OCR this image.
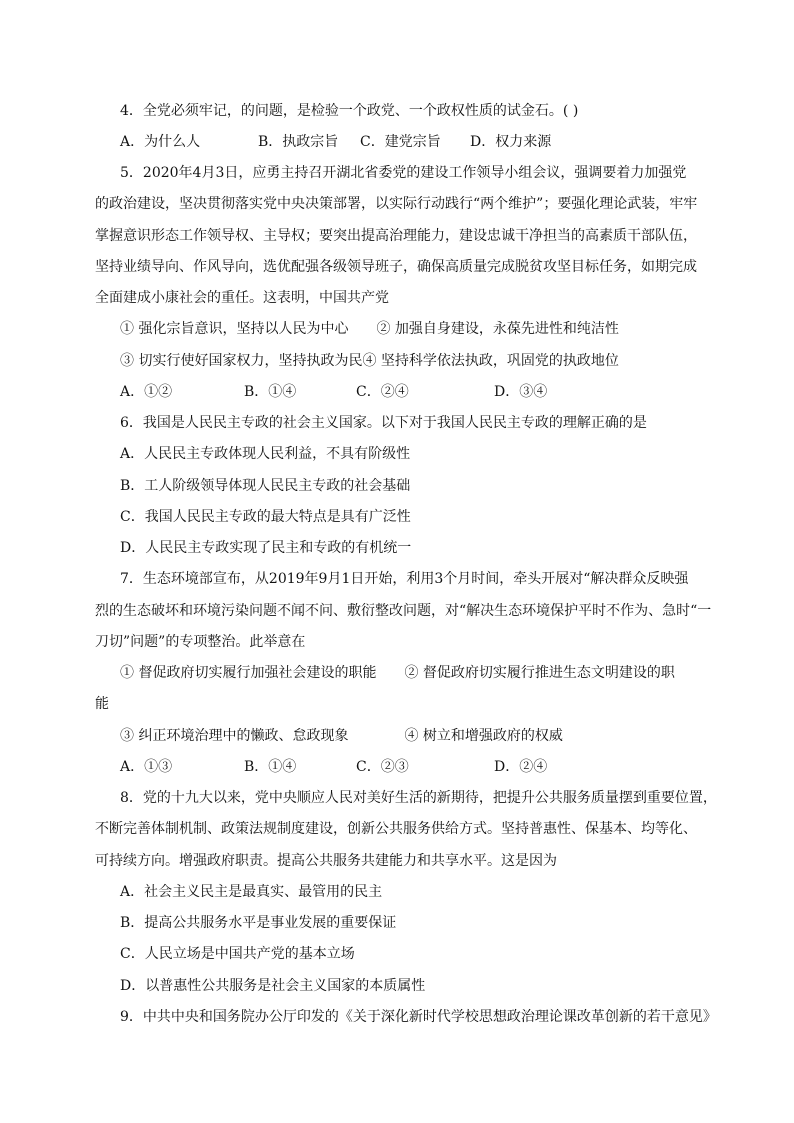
4．全党必须牢记，的问题，是检验一个政党、一个政权性质的试金石。( )
A．为什么人	B．执政宗旨 C．建党宗旨 D．权力来源
5．2020年4月3日，应勇主持召开湖北省委党的建设工作领导小组会议，强调要着力加强党
的政治建设，坚决贯彻落实党中央决策部署，以实际行动践行“两个维护”；要强化理论武装，牢牢
掌握意识形态工作领导权、主导权；要突出提高治理能力，建设忠诚干净担当的高素质干部队伍，
坚持业绩导向、作风导向，选优配强各级领导班子，确保高质量完成脱贫攻坚目标任务，如期完成
全面建成小康社会的重任。这表明，中国共产党
① 强化宗旨意识，坚持以人民为中心　　② 加强自身建设，永葆先进性和纯洁性
③ 切实行使好国家权力，坚持执政为民④ 坚持科学依法执政，巩固党的执政地位
A．①②	B．①④	C．②④	D．③④
6．我国是人民民主专政的社会主义国家。以下对于我国人民民主专政的理解正确的是
A．人民民主专政体现人民利益，不具有阶级性
B．工人阶级领导体现人民民主专政的社会基础
C．我国人民民主专政的最大特点是具有广泛性
D．人民民主专政实现了民主和专政的有机统一
7．生态环境部宣布，从2019年9月1日开始，利用3个月时间，牵头开展对“解决群众反映强
烈的生态破坏和环境污染问题不闻不问、敷衍整改问题，对“解决生态环境保护平时不作为、急时“一
刀切”问题”的专项整治。此举意在
① 督促政府切实履行加强社会建设的职能　　② 督促政府切实履行推进生态文明建设的职
能
③ 纠正环境治理中的懒政、怠政现象　　　　④ 树立和增强政府的权威
A．①③	B．①④	C．②③	D．②④
8．党的十九大以来，党中央顺应人民对美好生活的新期待，把提升公共服务质量摆到重要位置，
不断完善体制机制、政策法规制度建设，创新公共服务供给方式。坚持普惠性、保基本、均等化、
可持续方向。增强政府职责。提高公共服务共建能力和共享水平。这是因为
A．社会主义民主是最真实、最管用的民主
B．提高公共服务水平是事业发展的重要保证
C．人民立场是中国共产党的基本立场
D．以普惠性公共服务是社会主义国家的本质属性
9．中共中央和国务院办公厅印发的《关于深化新时代学校思想政治理论课改革创新的若干意见》
